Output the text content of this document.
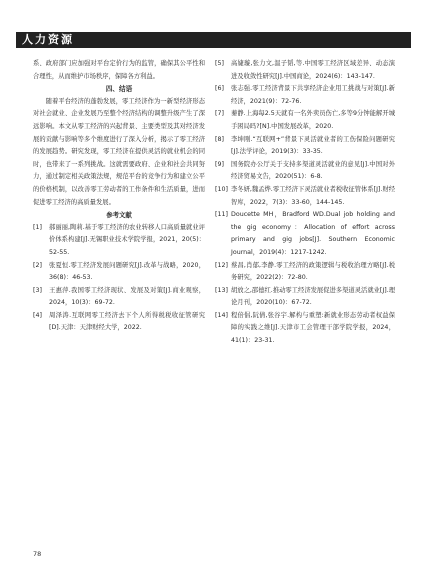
人力资源

系、政府部门应加强对平台定价行为的监管，确保其公平性和合理性，从而维护市场秩序，保障各方利益。

四、结语

随着平台经济的蓬勃发展，零工经济作为一新型经济形态对社会就业、企业发展乃至整个经济结构的调整升级产生了深远影响。本文从零工经济的兴起背景、主要类型及其对经济发展的贡献与影响等多个维度进行了深入分析，揭示了零工经济的发展趋势。研究发现，零工经济在提供灵活的就业机会的同时，也带来了一系列挑战。这就需要政府、企业和社会共同努力，通过制定相关政策法规，规范平台的竞争行为和建立公平的价格机制，以改善零工劳动者的工作条件和生活质量，进而促进零工经济的高质量发展。

参考文献

[1]	郝丽丽,陶莉.基于零工经济的农业转移人口高质量就业评价体系构建[J].无锡职业技术学院学报，2021，20(5)：52-55.
[2]	张夏恒.零工经济发展问题研究[J].改革与战略，2020，36(8)：46-53.
[3]	王惠萍.我国零工经济现状、发展及对策[J].商业观察，2024，10(3)：69-72.
[4]	周泽涛.互联网零工经济去下个人所得税税收征管研究[D].天津：天津财经大学，2022.
[5]	高婕璇,张力文,温子韬,等.中国零工经济区域差异、动态演进及收敛性研究[J].中国商论，2024(6)：143-147.
[6]	张志强.零工经济背景下共享经济企业用工挑战与对策[J].新经济，2021(9)：72-76.
[7]	蓁静.上海每2.5天就有一名外卖员伤亡,多等9分钟能解开城手困局吗?[N].中国发展改革，2020.
[8]	李坤刚.“互联网+”背景下灵活就业者的工伤保险问题研究[J].法学评论，2019(3)：33-35.
[9]	国务院办公厅关于支持多渠道灵活就业的意见[J].中国对外经济贸易文告，2020(51)：6-8.
[10] 李冬妍,魏孟烨.零工经济下灵活就业者税收征管体系[J].财经智库，2022，7(3)：33-60，144-145.
[11] Doucette MH，Bradford WD.Dual job holding and the gig economy：Allocation of effort across primary and gig jobs[J]. Southern Economic Journal，2019(4)：1217-1242.
[12] 蔡昌,肖郁,李静.零工经济的政策逻辑与税收治理方略[J].税务研究，2022(2)：72-80.
[13] 胡放之,邵德红.推动零工经济发展促进多渠道灵活就业[J].理论月刊，2020(10)：67-72.
[14] 程倍倡,阮倩,张谷宇.解构与重塑:新就业形态劳动者权益保障的实践之维[J].天津市工会管理干部学院学报，2024，41(1)：23-31.
78
